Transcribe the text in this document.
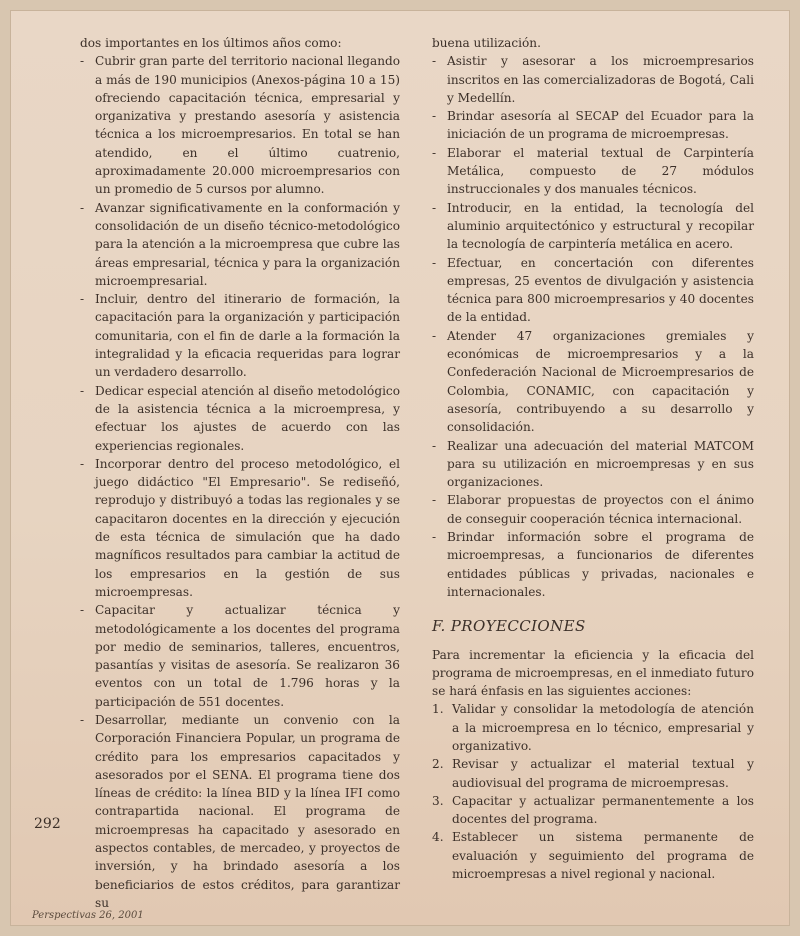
dos importantes en los últimos años como:

- Cubrir gran parte del territorio nacional llegando a más de 190 municipios (Anexos-página 10 a 15) ofreciendo capacitación técnica, empresarial y organizativa y prestando asesoría y asistencia técnica a los microempresarios. En total se han atendido, en el último cuatrenio, aproximadamente 20.000 microempresarios con un promedio de 5 cursos por alumno.
- Avanzar significativamente en la conformación y consolidación de un diseño técnico-metodológico para la atención a la microempresa que cubre las áreas empresarial, técnica y para la organización microempresarial.
- Incluir, dentro del itinerario de formación, la capacitación para la organización y participación comunitaria, con el fin de darle a la formación la integralidad y la eficacia requeridas para lograr un verdadero desarrollo.
- Dedicar especial atención al diseño metodológico de la asistencia técnica a la microempresa, y efectuar los ajustes de acuerdo con las experiencias regionales.
- Incorporar dentro del proceso metodológico, el juego didáctico "El Empresario". Se rediseñó, reprodujo y distribuyó a todas las regionales y se capacitaron docentes en la dirección y ejecución de esta técnica de simulación que ha dado magníficos resultados para cambiar la actitud de los empresarios en la gestión de sus microempresas.
- Capacitar y actualizar técnica y metodológicamente a los docentes del programa por medio de seminarios, talleres, encuentros, pasantías y visitas de asesoría. Se realizaron 36 eventos con un total de 1.796 horas y la participación de 551 docentes.
- Desarrollar, mediante un convenio con la Corporación Financiera Popular, un programa de crédito para los empresarios capacitados y asesorados por el SENA. El programa tiene dos líneas de crédito: la línea BID y la línea IFI como contrapartida nacional. El programa de microempresas ha capacitado y asesorado en aspectos contables, de mercadeo, y proyectos de inversión, y ha brindado asesoría a los beneficiarios de estos créditos, para garantizar su

buena utilización.

- Asistir y asesorar a los microempresarios inscritos en las comercializadoras de Bogotá, Cali y Medellín.
- Brindar asesoría al SECAP del Ecuador para la iniciación de un programa de microempresas.
- Elaborar el material textual de Carpintería Metálica, compuesto de 27 módulos instruccionales y dos manuales técnicos.
- Introducir, en la entidad, la tecnología del aluminio arquitectónico y estructural y recopilar la tecnología de carpintería metálica en acero.
- Efectuar, en concertación con diferentes empresas, 25 eventos de divulgación y asistencia técnica para 800 microempresarios y 40 docentes de la entidad.
- Atender 47 organizaciones gremiales y económicas de microempresarios y a la Confederación Nacional de Microempresarios de Colombia, CONAMIC, con capacitación y asesoría, contribuyendo a su desarrollo y consolidación.
- Realizar una adecuación del material MATCOM para su utilización en microempresas y en sus organizaciones.
- Elaborar propuestas de proyectos con el ánimo de conseguir cooperación técnica internacional.
- Brindar información sobre el programa de microempresas, a funcionarios de diferentes entidades públicas y privadas, nacionales e internacionales.
F. PROYECCIONES

Para incrementar la eficiencia y la eficacia del programa de microempresas, en el inmediato futuro se hará énfasis en las siguientes acciones:

1. Validar y consolidar la metodología de atención a la microempresa en lo técnico, empresarial y organizativo.
2. Revisar y actualizar el material textual y audiovisual del programa de microempresas.
3. Capacitar y actualizar permanentemente a los docentes del programa.
4. Establecer un sistema permanente de evaluación y seguimiento del programa de microempresas a nivel regional y nacional.
292
Perspectivas 26, 2001
